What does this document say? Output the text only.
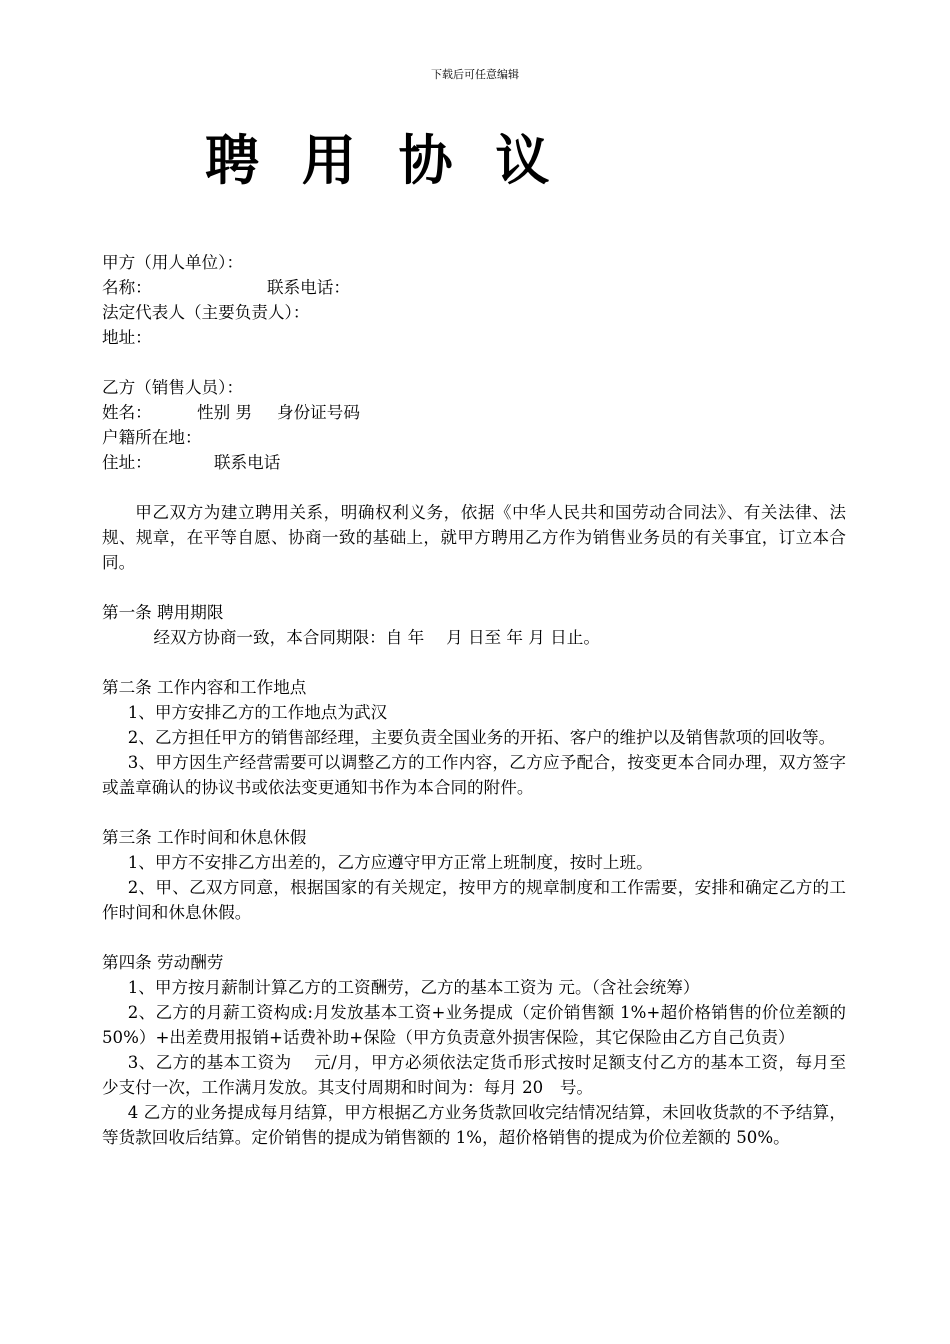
下载后可任意编辑
聘 用 协 议

甲方（用人单位）：

名称：	联系电话：

法定代表人（主要负责人）：

地址：

乙方（销售人员）：

姓名：	性别 男 身份证号码

户籍所在地：

住址：	联系电话

甲乙双方为建立聘用关系，明确权利义务，依据《中华人民共和国劳动合同法》、有关法律、法规、规章，在平等自愿、协商一致的基础上，就甲方聘用乙方作为销售业务员的有关事宜，订立本合同。

第一条 聘用期限

经双方协商一致，本合同期限：自 年　 月 日至 年 月 日止。

第二条 工作内容和工作地点

1、甲方安排乙方的工作地点为武汉

2、乙方担任甲方的销售部经理，主要负责全国业务的开拓、客户的维护以及销售款项的回收等。

3、甲方因生产经营需要可以调整乙方的工作内容，乙方应予配合，按变更本合同办理，双方签字或盖章确认的协议书或依法变更通知书作为本合同的附件。

第三条 工作时间和休息休假

1、甲方不安排乙方出差的，乙方应遵守甲方正常上班制度，按时上班。

2、甲、乙双方同意，根据国家的有关规定，按甲方的规章制度和工作需要，安排和确定乙方的工作时间和休息休假。

第四条 劳动酬劳

1、甲方按月薪制计算乙方的工资酬劳，乙方的基本工资为 元。（含社会统筹）

2、乙方的月薪工资构成:月发放基本工资+业务提成（定价销售额 1%+超价格销售的价位差额的 50%）+出差费用报销+话费补助+保险（甲方负责意外损害保险，其它保险由乙方自己负责）

3、乙方的基本工资为　 元/月，甲方必须依法定货币形式按时足额支付乙方的基本工资，每月至少支付一次，工作满月发放。其支付周期和时间为：每月 20　号。

4 乙方的业务提成每月结算，甲方根据乙方业务货款回收完结情况结算，未回收货款的不予结算，等货款回收后结算。定价销售的提成为销售额的 1%，超价格销售的提成为价位差额的 50%。
